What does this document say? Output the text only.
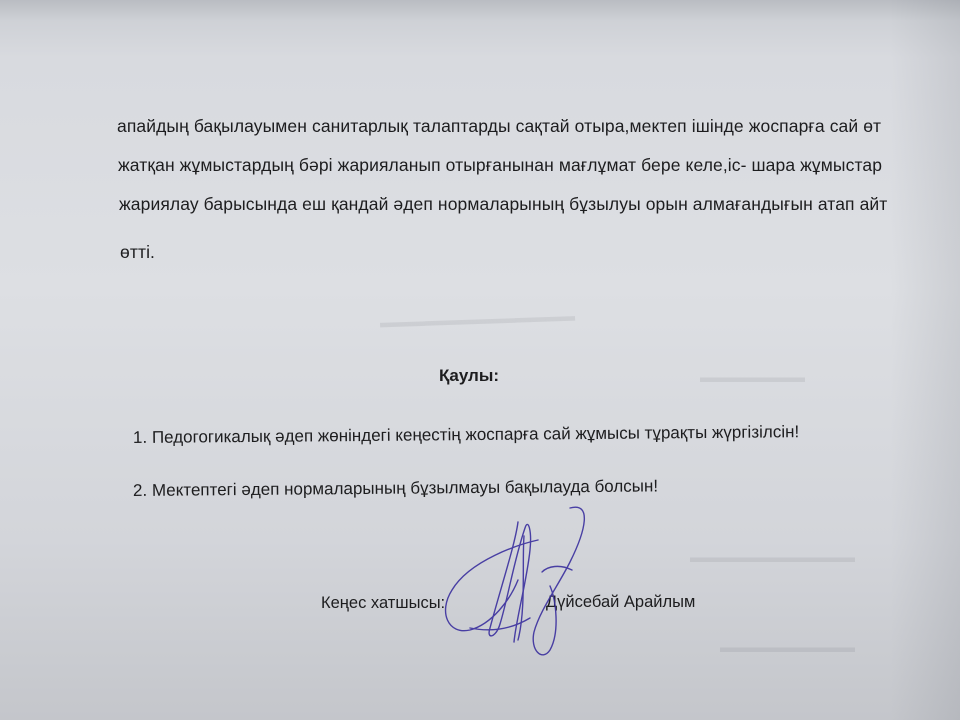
▬▬▬▬▬▬▬▬▬▬▬▬▬
▬▬▬▬▬▬▬
▬▬▬▬▬▬▬▬▬▬▬
▬▬▬▬▬▬▬▬▬
апайдың бақылауымен санитарлық талаптарды сақтай отыра,мектеп ішінде жоспарға сай өт
жатқан жұмыстардың бәрі жарияланып отырғанынан мағлұмат бере келе,іс- шара жұмыстар
жариялау барысында еш қандай әдеп нормаларының бұзылуы орын алмағандығын атап айт
өтті.
Қаулы:
1. Педогогикалық әдеп жөніндегі кеңестің жоспарға сай жұмысы тұрақты жүргізілсін!
2. Мектептегі әдеп нормаларының бұзылмауы бақылауда болсын!
Кеңес хатшысы:	Дүйсебай Арайлым
